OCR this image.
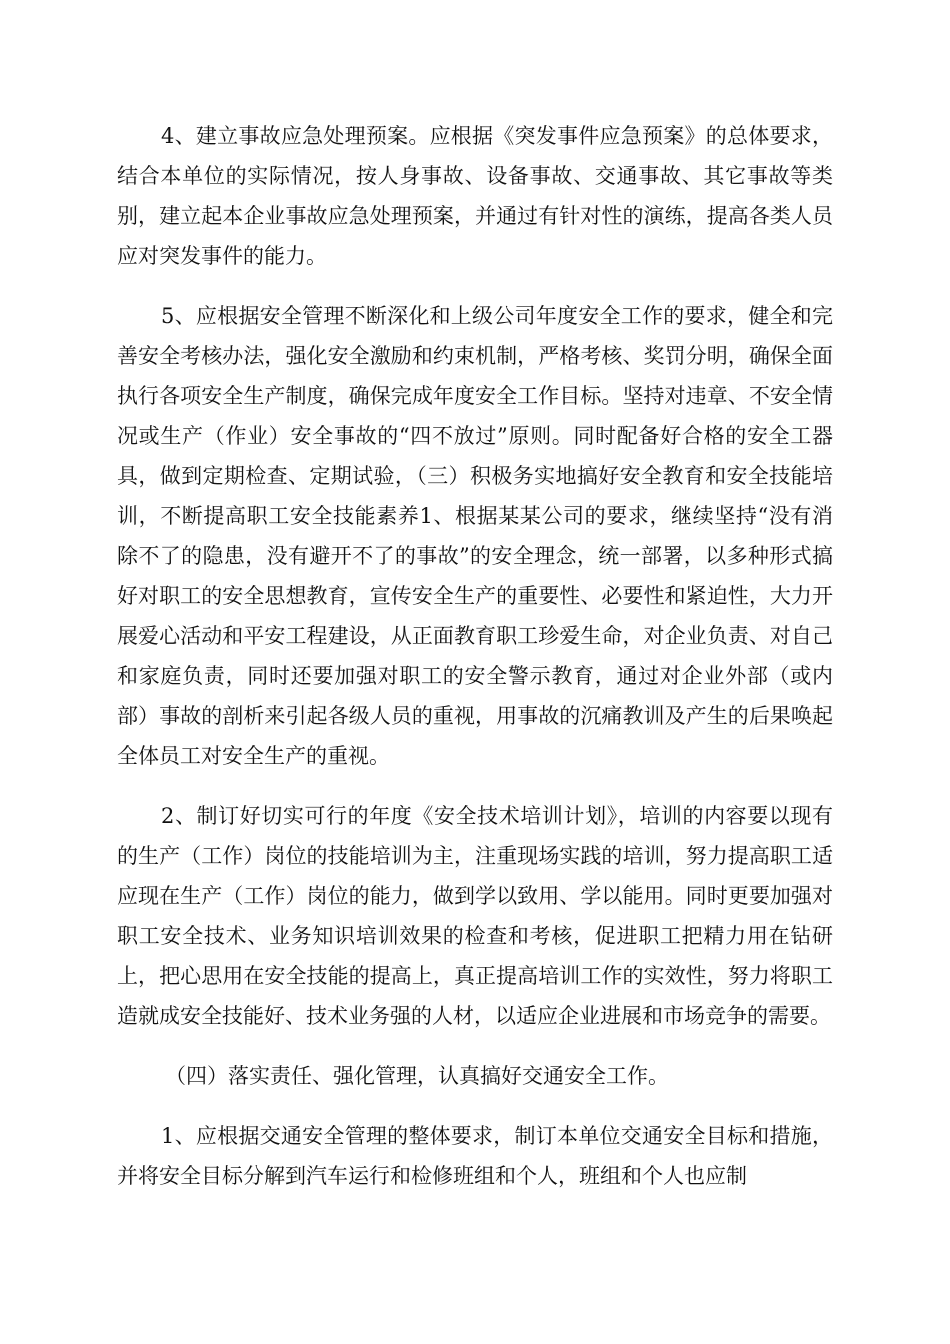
4、建立事故应急处理预案。应根据《突发事件应急预案》的总体要求，结合本单位的实际情况，按人身事故、设备事故、交通事故、其它事故等类别，建立起本企业事故应急处理预案，并通过有针对性的演练，提高各类人员应对突发事件的能力。

5、应根据安全管理不断深化和上级公司年度安全工作的要求，健全和完善安全考核办法，强化安全激励和约束机制，严格考核、奖罚分明，确保全面执行各项安全生产制度，确保完成年度安全工作目标。坚持对违章、不安全情况或生产（作业）安全事故的“四不放过”原则。同时配备好合格的安全工器具，做到定期检查、定期试验，（三）积极务实地搞好安全教育和安全技能培训，不断提高职工安全技能素养1、根据某某公司的要求，继续坚持“没有消除不了的隐患，没有避开不了的事故”的安全理念，统一部署，以多种形式搞好对职工的安全思想教育，宣传安全生产的重要性、必要性和紧迫性，大力开展爱心活动和平安工程建设，从正面教育职工珍爱生命，对企业负责、对自己和家庭负责，同时还要加强对职工的安全警示教育，通过对企业外部（或内部）事故的剖析来引起各级人员的重视，用事故的沉痛教训及产生的后果唤起全体员工对安全生产的重视。

2、制订好切实可行的年度《安全技术培训计划》，培训的内容要以现有的生产（工作）岗位的技能培训为主，注重现场实践的培训，努力提高职工适应现在生产（工作）岗位的能力，做到学以致用、学以能用。同时更要加强对职工安全技术、业务知识培训效果的检查和考核，促进职工把精力用在钻研上，把心思用在安全技能的提高上，真正提高培训工作的实效性，努力将职工造就成安全技能好、技术业务强的人材，以适应企业进展和市场竞争的需要。

（四）落实责任、强化管理，认真搞好交通安全工作。

1、应根据交通安全管理的整体要求，制订本单位交通安全目标和措施，并将安全目标分解到汽车运行和检修班组和个人，班组和个人也应制
